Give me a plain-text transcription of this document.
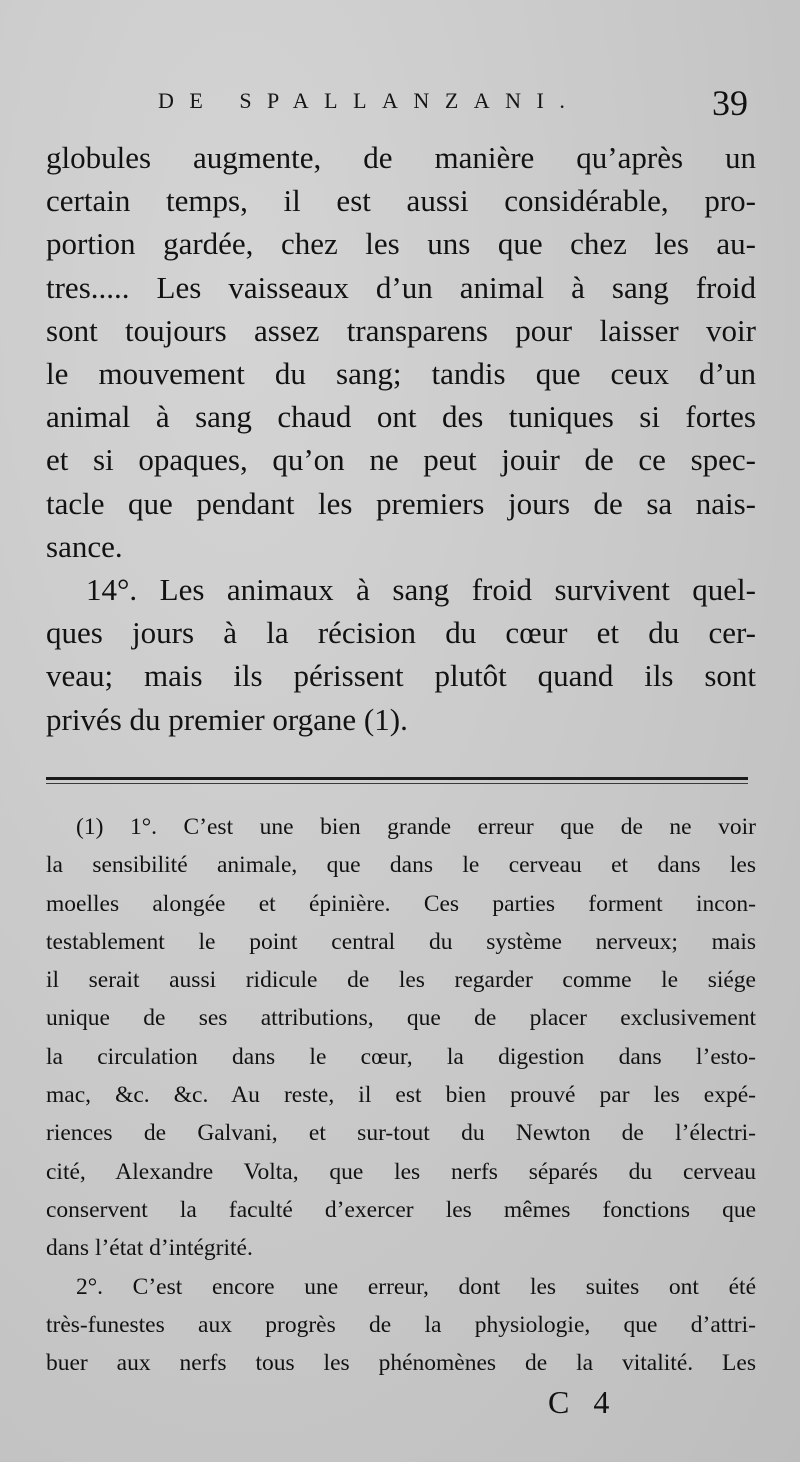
DE SPALLANZANI.	39
globules augmente, de manière qu’après un
certain temps, il est aussi considérable, pro-
portion gardée, chez les uns que chez les au-
tres..... Les vaisseaux d’un animal à sang froid
sont toujours assez transparens pour laisser voir
le mouvement du sang; tandis que ceux d’un
animal à sang chaud ont des tuniques si fortes
et si opaques, qu’on ne peut jouir de ce spec-
tacle que pendant les premiers jours de sa nais-
sance.
14°. Les animaux à sang froid survivent quel-
ques jours à la récision du cœur et du cer-
veau; mais ils périssent plutôt quand ils sont
privés du premier organe (1).
(1) 1°. C’est une bien grande erreur que de ne voir
la sensibilité animale, que dans le cerveau et dans les
moelles alongée et épinière. Ces parties forment incon-
testablement le point central du système nerveux; mais
il serait aussi ridicule de les regarder comme le siége
unique de ses attributions, que de placer exclusivement
la circulation dans le cœur, la digestion dans l’esto-
mac, &c. &c. Au reste, il est bien prouvé par les expé-
riences de Galvani, et sur-tout du Newton de l’électri-
cité, Alexandre Volta, que les nerfs séparés du cerveau
conservent la faculté d’exercer les mêmes fonctions que
dans l’état d’intégrité.
2°. C’est encore une erreur, dont les suites ont été
très-funestes aux progrès de la physiologie, que d’attri-
buer aux nerfs tous les phénomènes de la vitalité. Les
C 4
